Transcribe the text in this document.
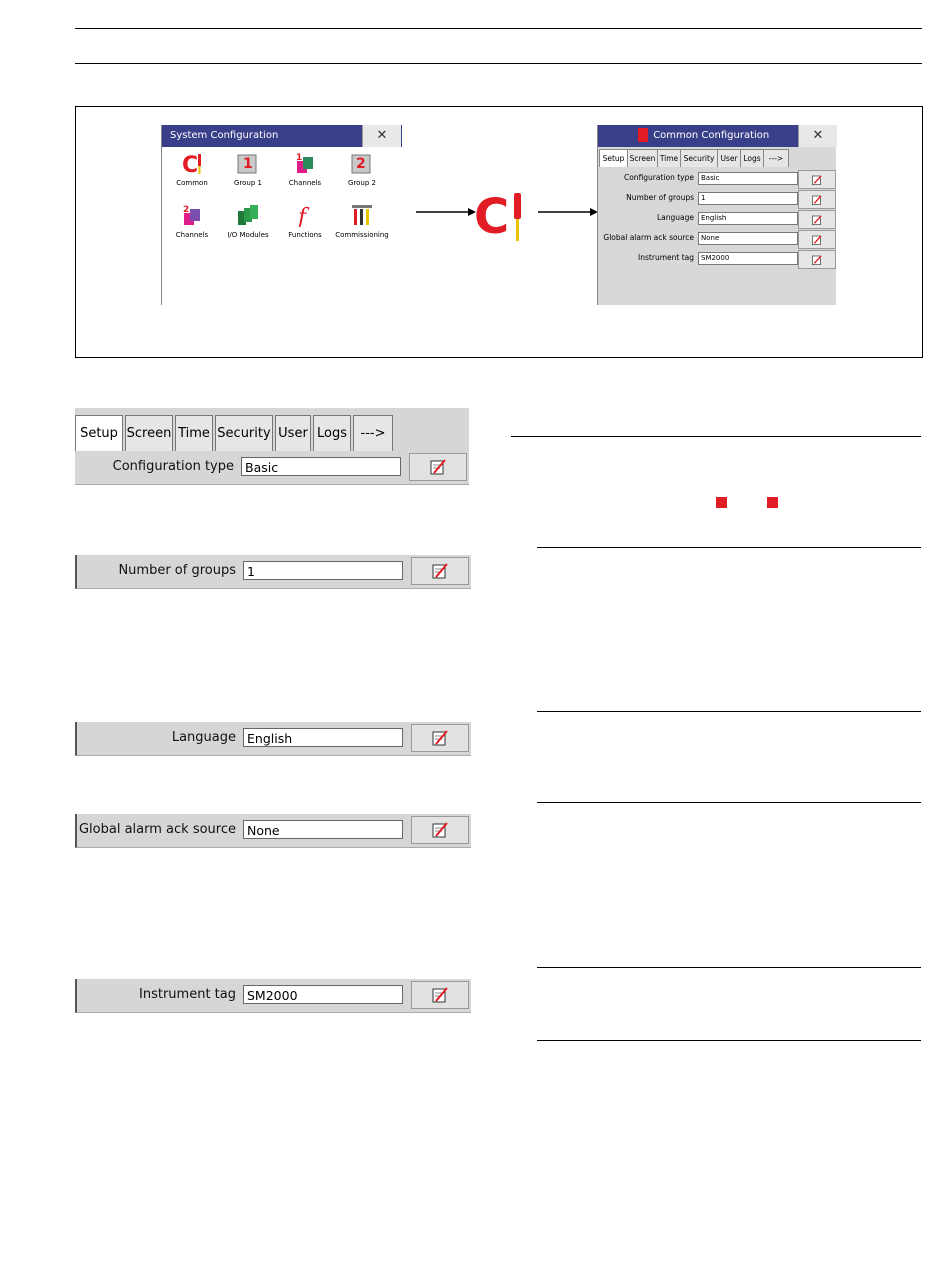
System Configuration	✕
C
Common
1
Group 1
1
Channels
2
Group 2
2
Channels	I/O Modules
f
Functions	Commissioning C
Common Configuration	✕
Setup Screen Time Security User Logs	--->
Configuration type	Basic
Number of groups	1
Language	English
Global alarm ack source	None
Instrument tag	SM2000
Setup Screen Time Security User Logs	--->
Configuration type Basic
Number of groups 1
Language English
Global alarm ack source None
Instrument tag SM2000
